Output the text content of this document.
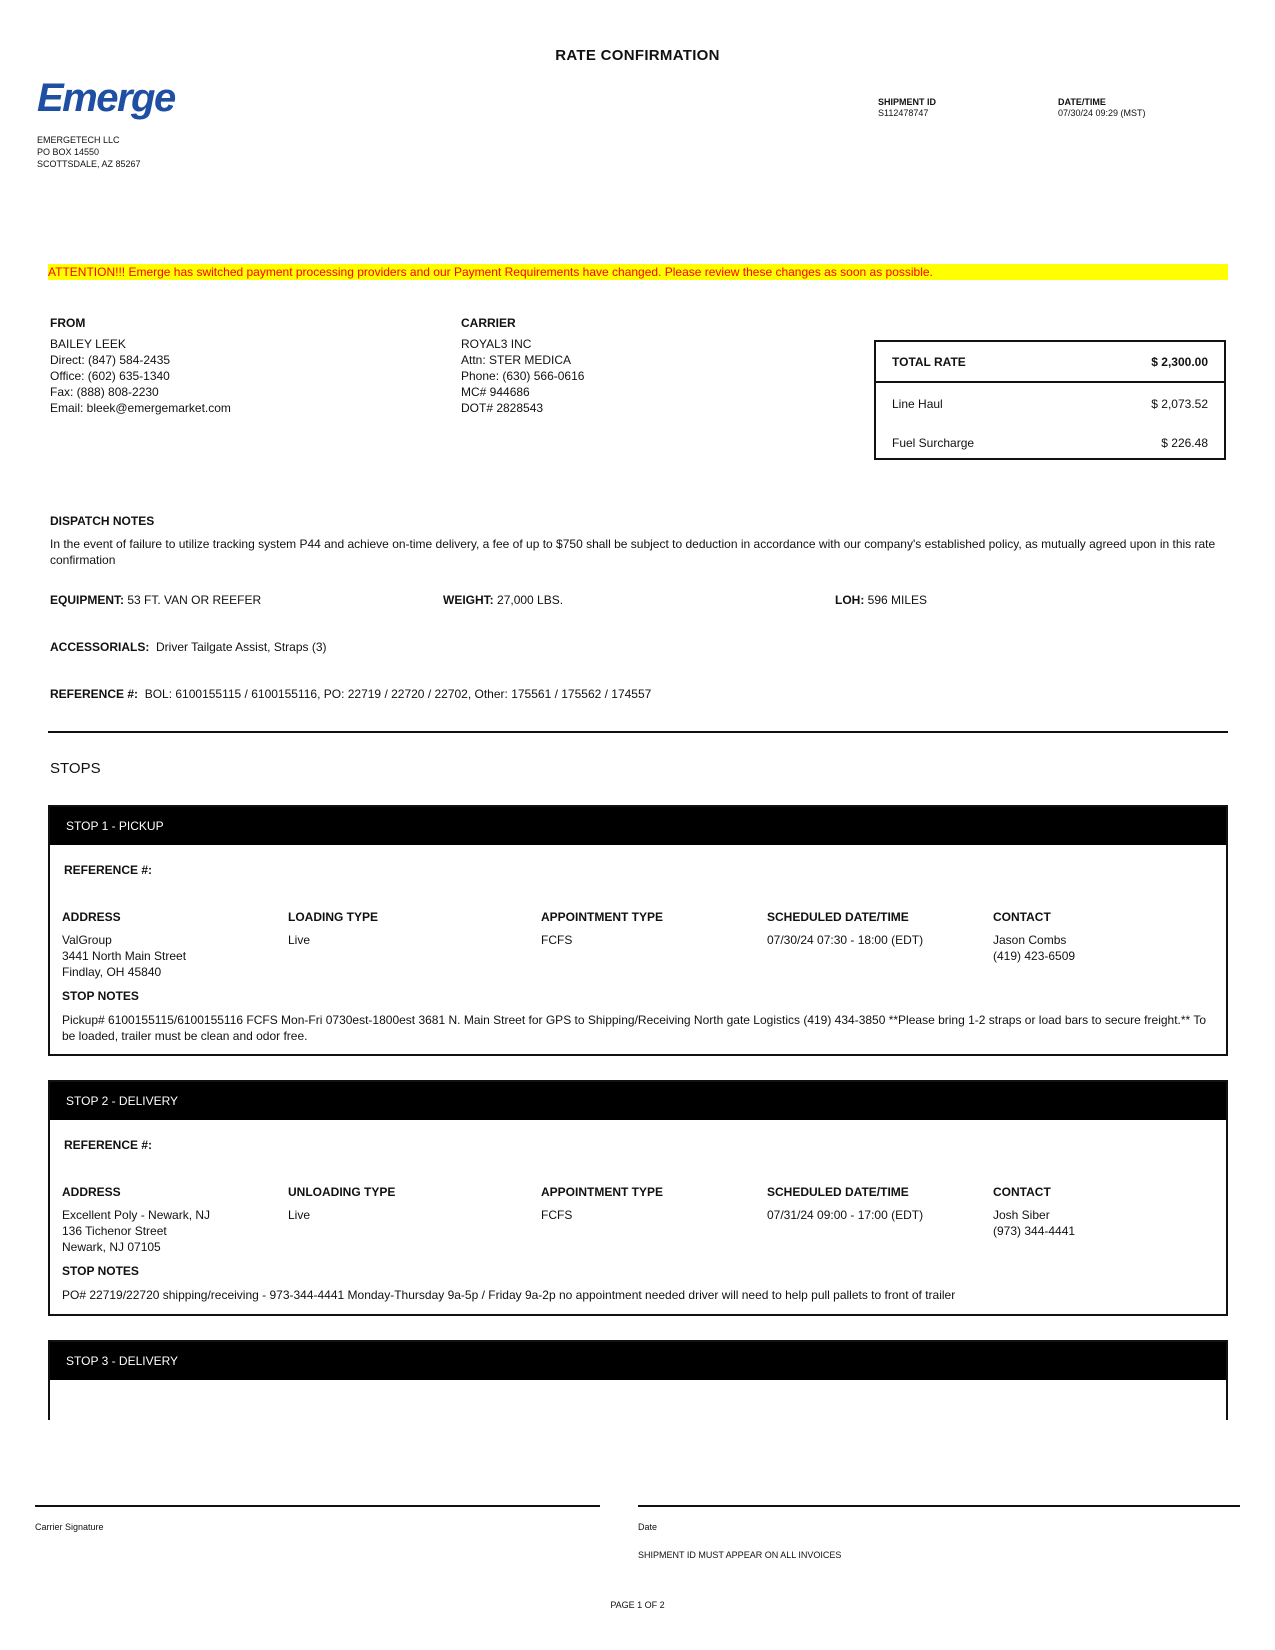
RATE CONFIRMATION
Emerge
EMERGETECH LLC
PO BOX 14550
SCOTTSDALE, AZ 85267
SHIPMENT ID
S112478747
DATE/TIME
07/30/24 09:29 (MST)
ATTENTION!!! Emerge has switched payment processing providers and our Payment Requirements have changed. Please review these changes as soon as possible.
FROM
BAILEY LEEK
Direct: (847) 584-2435
Office: (602) 635-1340
Fax: (888) 808-2230
Email: bleek@emergemarket.com
CARRIER
ROYAL3 INC
Attn: STER MEDICA
Phone: (630) 566-0616
MC# 944686
DOT# 2828543
TOTAL RATE	$ 2,300.00
Line Haul	$ 2,073.52
Fuel Surcharge	$ 226.48
DISPATCH NOTES
In the event of failure to utilize tracking system P44 and achieve on-time delivery, a fee of up to $750 shall be subject to deduction in accordance with our company's established policy, as mutually agreed upon in this rate confirmation
EQUIPMENT: 53 FT. VAN OR REEFER	WEIGHT: 27,000 LBS.	LOH: 596 MILES
ACCESSORIALS: Driver Tailgate Assist, Straps (3)
REFERENCE #: BOL: 6100155115 / 6100155116, PO: 22719 / 22720 / 22702, Other: 175561 / 175562 / 174557
STOPS
STOP 1 - PICKUP
REFERENCE #:
ADDRESS
ValGroup
3441 North Main Street
Findlay, OH 45840
LOADING TYPE
Live
APPOINTMENT TYPE
FCFS
SCHEDULED DATE/TIME
07/30/24 07:30 - 18:00 (EDT)
CONTACT
Jason Combs
(419) 423-6509
STOP NOTES
Pickup# 6100155115/6100155116 FCFS Mon-Fri 0730est-1800est 3681 N. Main Street for GPS to Shipping/Receiving North gate Logistics (419) 434-3850 **Please bring 1-2 straps or load bars to secure freight.** To be loaded, trailer must be clean and odor free.
STOP 2 - DELIVERY
REFERENCE #:
ADDRESS
Excellent Poly - Newark, NJ
136 Tichenor Street
Newark, NJ 07105
UNLOADING TYPE
Live
APPOINTMENT TYPE
FCFS
SCHEDULED DATE/TIME
07/31/24 09:00 - 17:00 (EDT)
CONTACT
Josh Siber
(973) 344-4441
STOP NOTES
PO# 22719/22720 shipping/receiving - 973-344-4441 Monday-Thursday 9a-5p / Friday 9a-2p no appointment needed driver will need to help pull pallets to front of trailer
STOP 3 - DELIVERY
Carrier Signature	Date
SHIPMENT ID MUST APPEAR ON ALL INVOICES
PAGE 1 OF 2
